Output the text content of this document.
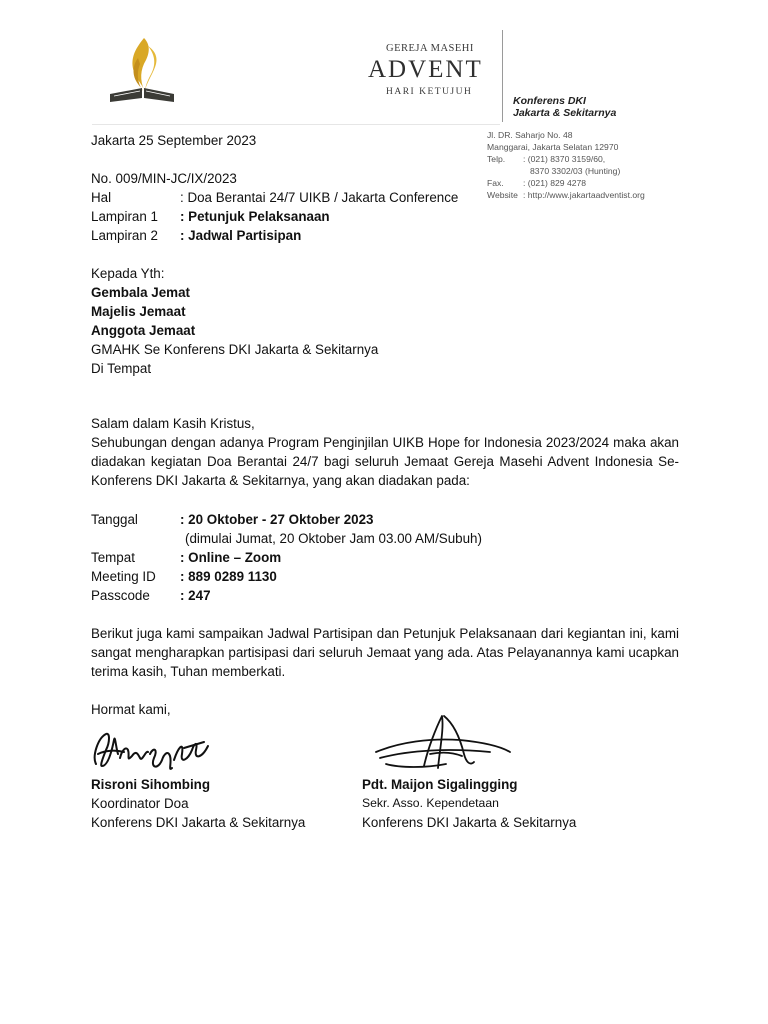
GEREJA MASEHI
ADVENT
HARI KETUJUH
Konferens DKI
Jakarta & Sekitarnya
Jl. DR. Saharjo No. 48
Manggarai, Jakarta Selatan 12970
Telp. : (021) 8370 3159/60,
8370 3302/03 (Hunting)
Fax. : (021) 829 4278
Website : http://www.jakartaadventist.org
Jakarta 25 September 2023
No. 009/MIN-JC/IX/2023
Hal	: Doa Berantai 24/7 UIKB / Jakarta Conference
Lampiran 1 : Petunjuk Pelaksanaan
Lampiran 2 : Jadwal Partisipan
Kepada Yth:
Gembala Jemat
Majelis Jemaat
Anggota Jemaat
GMAHK Se Konferens DKI Jakarta & Sekitarnya
Di Tempat
Salam dalam Kasih Kristus,
Sehubungan dengan adanya Program Penginjilan UIKB Hope for Indonesia 2023/2024 maka akan
diadakan kegiatan Doa Berantai 24/7 bagi seluruh Jemaat Gereja Masehi Advent Indonesia Se-
Konferens DKI Jakarta & Sekitarnya, yang akan diadakan pada:
Tanggal	: 20 Oktober - 27 Oktober 2023
(dimulai Jumat, 20 Oktober Jam 03.00 AM/Subuh)
Tempat	: Online – Zoom
Meeting ID : 889 0289 1130
Passcode : 247
Berikut juga kami sampaikan Jadwal Partisipan dan Petunjuk Pelaksanaan dari kegiantan ini, kami
sangat mengharapkan partisipasi dari seluruh Jemaat yang ada. Atas Pelayanannya kami ucapkan
terima kasih, Tuhan memberkati.
Hormat kami,
Risroni Sihombing
Koordinator Doa
Konferens DKI Jakarta & Sekitarnya
Pdt. Maijon Sigalingging
Sekr. Asso. Kependetaan
Konferens DKI Jakarta & Sekitarnya
